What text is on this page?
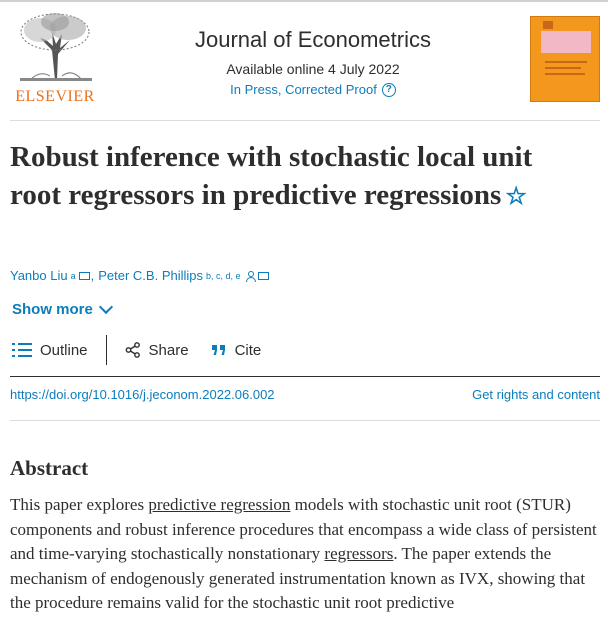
ELSEVIER
Journal of Econometrics
Available online 4 July 2022
In Press, Corrected Proof ?
Robust inference with stochastic local unit root regressors in predictive regressions ☆
Yanbo Liu a , Peter C.B. Phillips b, c, d, e
Show more
Outline	Share	Cite
https://doi.org/10.1016/j.jeconom.2022.06.002	Get rights and content
Abstract

This paper explores predictive regression models with stochastic unit root (STUR) components and robust inference procedures that encompass a wide class of persistent and time-varying stochastically nonstationary regressors. The paper extends the mechanism of endogenously generated instrumentation known as IVX, showing that the procedure remains valid for the stochastic unit root predictive
